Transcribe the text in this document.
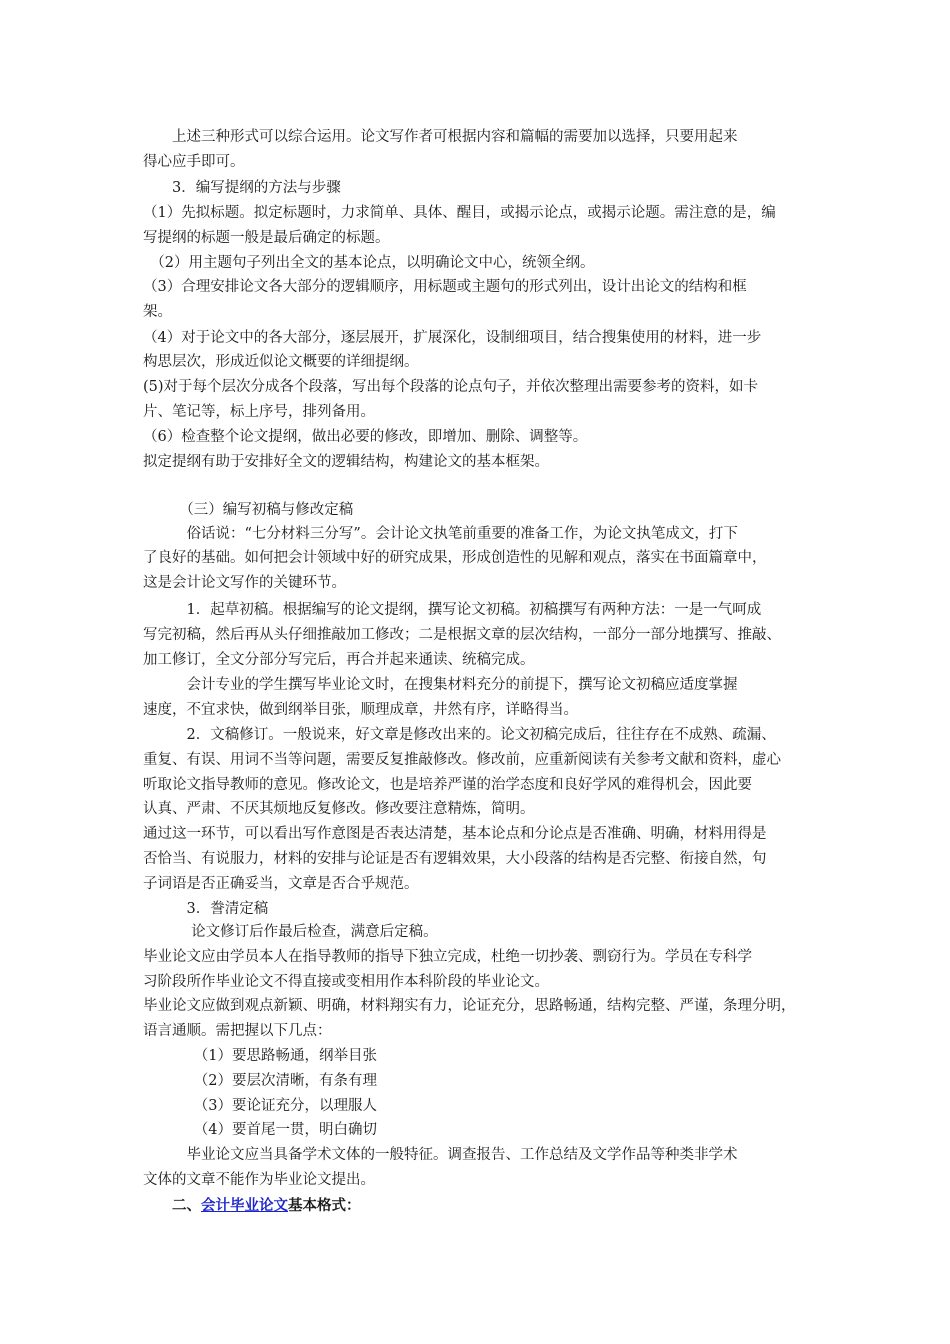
　　上述三种形式可以综合运用。论文写作者可根据内容和篇幅的需要加以选择，只要用起来
得心应手即可。
　　3．编写提纲的方法与步骤
（1）先拟标题。拟定标题时，力求简单、具体、醒目，或揭示论点，或揭示论题。需注意的是，编
写提纲的标题一般是最后确定的标题。
　（2）用主题句子列出全文的基本论点，以明确论文中心，统领全纲。
（3）合理安排论文各大部分的逻辑顺序，用标题或主题句的形式列出，设计出论文的结构和框
架。
（4）对于论文中的各大部分，逐层展开，扩展深化，设制细项目，结合搜集使用的材料，进一步
构思层次，形成近似论文概要的详细提纲。
(5)对于每个层次分成各个段落，写出每个段落的论点句子，并依次整理出需要参考的资料，如卡
片、笔记等，标上序号，排列备用。
（6）检查整个论文提纲，做出必要的修改，即增加、删除、调整等。
拟定提纲有助于安排好全文的逻辑结构，构建论文的基本框架。
　　　（三）编写初稿与修改定稿
　　　俗话说：“七分材料三分写”。会计论文执笔前重要的准备工作，为论文执笔成文，打下
了良好的基础。如何把会计领域中好的研究成果，形成创造性的见解和观点，落实在书面篇章中，
这是会计论文写作的关键环节。
　　　1．起草初稿。根据编写的论文提纲，撰写论文初稿。初稿撰写有两种方法：一是一气呵成
写完初稿，然后再从头仔细推敲加工修改；二是根据文章的层次结构，一部分一部分地撰写、推敲、
加工修订，全文分部分写完后，再合并起来通读、统稿完成。
　　　会计专业的学生撰写毕业论文时，在搜集材料充分的前提下，撰写论文初稿应适度掌握
速度，不宜求快，做到纲举目张，顺理成章，井然有序，详略得当。
　　　2．文稿修订。一般说来，好文章是修改出来的。论文初稿完成后，往往存在不成熟、疏漏、
重复、有误、用词不当等问题，需要反复推敲修改。修改前，应重新阅读有关参考文献和资料，虚心
听取论文指导教师的意见。修改论文，也是培养严谨的治学态度和良好学风的难得机会，因此要
认真、严肃、不厌其烦地反复修改。修改要注意精炼，简明。
通过这一环节，可以看出写作意图是否表达清楚，基本论点和分论点是否准确、明确，材料用得是
否恰当、有说服力，材料的安排与论证是否有逻辑效果，大小段落的结构是否完整、衔接自然，句
子词语是否正确妥当，文章是否合乎规范。
　　　3．誊清定稿
　　　 论文修订后作最后检查，满意后定稿。
毕业论文应由学员本人在指导教师的指导下独立完成，杜绝一切抄袭、剽窃行为。学员在专科学
习阶段所作毕业论文不得直接或变相用作本科阶段的毕业论文。
毕业论文应做到观点新颖、明确，材料翔实有力，论证充分，思路畅通，结构完整、严谨，条理分明，
语言通顺。需把握以下几点：
　　　　（1）要思路畅通，纲举目张
　　　　（2）要层次清晰，有条有理
　　　　（3）要论证充分，以理服人
　　　　（4）要首尾一贯，明白确切
　　　毕业论文应当具备学术文体的一般特征。调查报告、工作总结及文学作品等种类非学术
文体的文章不能作为毕业论文提出。
　　二、会计毕业论文基本格式：
